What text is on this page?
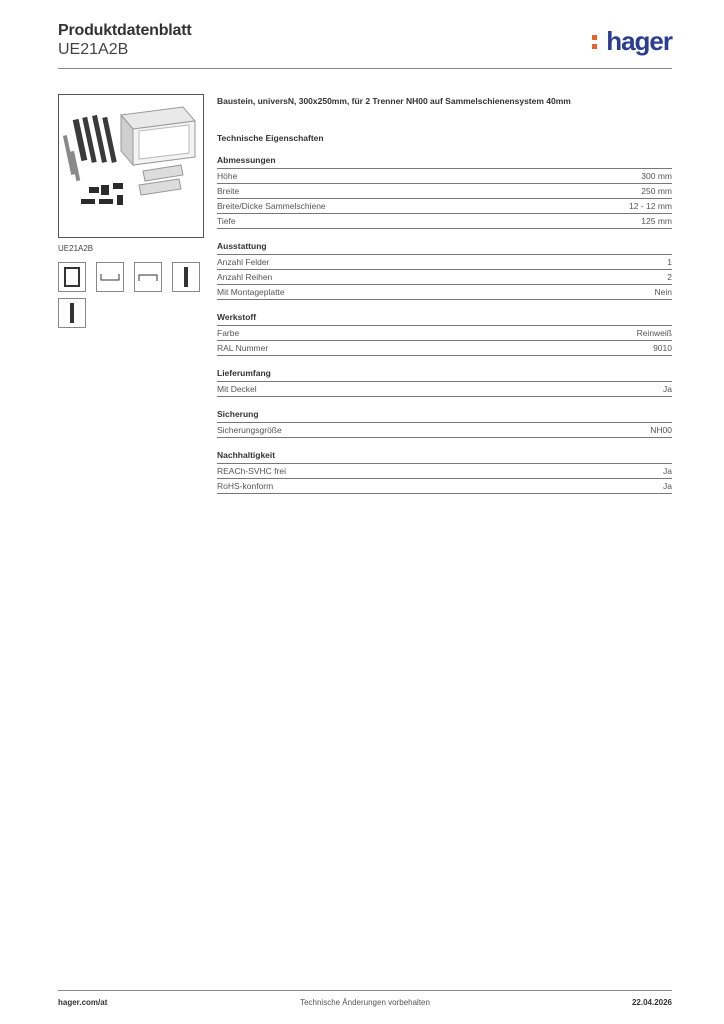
Produktdatenblatt
UE21A2B	hager
UE21A2B
Baustein, universN, 300x250mm, für 2 Trenner NH00 auf Sammelschienensystem 40mm
Technische Eigenschaften
Abmessungen
Höhe	300 mm
Breite	250 mm
Breite/Dicke Sammelschiene	12 - 12 mm
Tiefe	125 mm
Ausstattung
Anzahl Felder	1
Anzahl Reihen	2
Mit Montageplatte	Nein
Werkstoff
Farbe	Reinweiß
RAL Nummer	9010
Lieferumfang
Mit Deckel	Ja
Sicherung
Sicherungsgröße	NH00
Nachhaltigkeit
REACh-SVHC frei	Ja
RoHS-konform	Ja
hager.com/at	Technische Änderungen vorbehalten	22.04.2026
